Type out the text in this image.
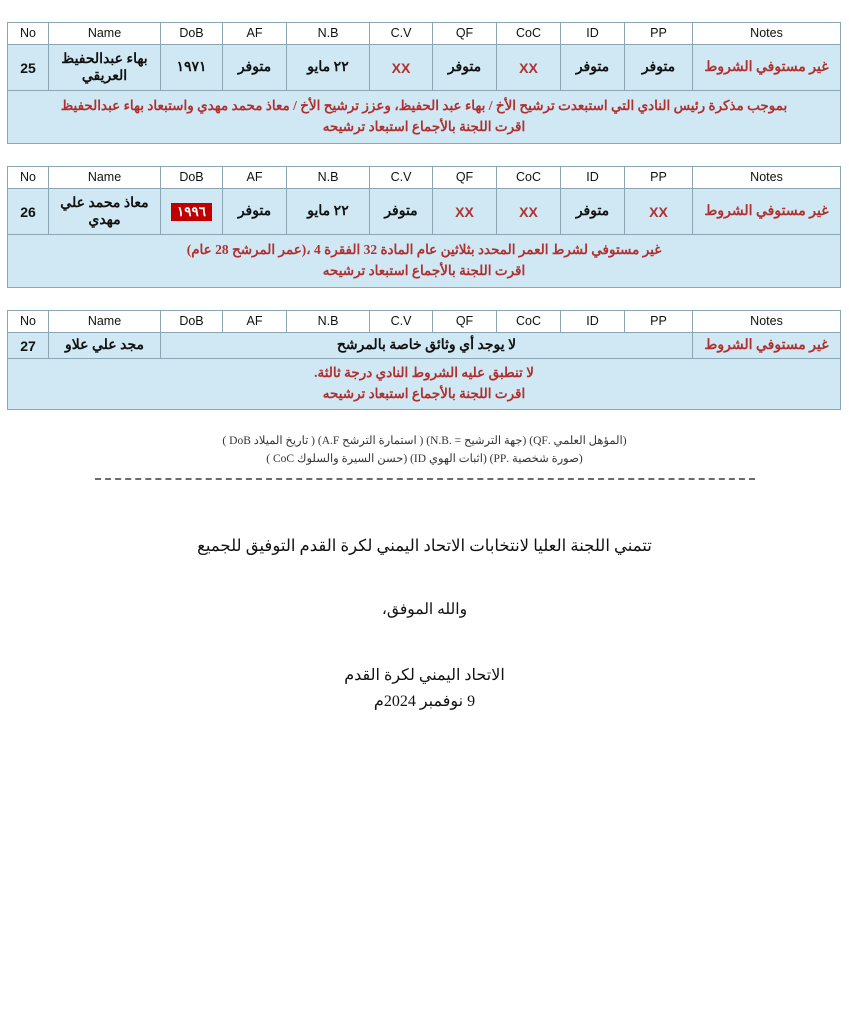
Notes	PP	ID	CoC	QF	C.V	N.B	AF	DoB	Name	No
غير مستوفي الشروط	متوفر	متوفر	XX	متوفر	XX	٢٢ مايو	متوفر	١٩٧١	بهاء عبدالحفيظ العريقي	25

بموجب مذكرة رئيس النادي التي استبعدت ترشيح الأخ / بهاء عبد الحفيظ، وعزز ترشيح الأخ / معاذ محمد مهدي واستبعاد بهاء عبدالحفيظ
اقرت اللجنة بالأجماع استبعاد ترشيحه										
Notes	PP	ID	CoC	QF	C.V	N.B	AF	DoB	Name	No
غير مستوفي الشروط	XX	متوفر	XX	XX	متوفر	٢٢ مايو	متوفر	١٩٩٦	معاذ محمد علي مهدي	26

غير مستوفي لشرط العمر المحدد بثلاثين عام المادة 32 الفقرة 4 ،(عمر المرشح 28 عام)
اقرت اللجنة بالأجماع استبعاد ترشيحه										
Notes	PP	ID	CoC	QF	C.V	N.B	AF	DoB	Name	No
غير مستوفي الشروط	لا يوجد أي وثائق خاصة بالمرشح								مجد علي علاو	27

لا تنطبق عليه الشروط النادي درجة ثالثة.
اقرت اللجنة بالأجماع استبعاد ترشيحه										
(المؤهل العلمي .QF) (جهة الترشيح = .N.B) ( استمارة الترشح A.F) ( تاريخ الميلاد DoB )
(صورة شخصية .PP) (اثبات الهوي ID) (حسن السيرة والسلوك CoC )
تتمني اللجنة العليا لانتخابات الاتحاد اليمني لكرة القدم التوفيق للجميع
والله الموفق،
الاتحاد اليمني لكرة القدم
9 نوفمبر 2024م
